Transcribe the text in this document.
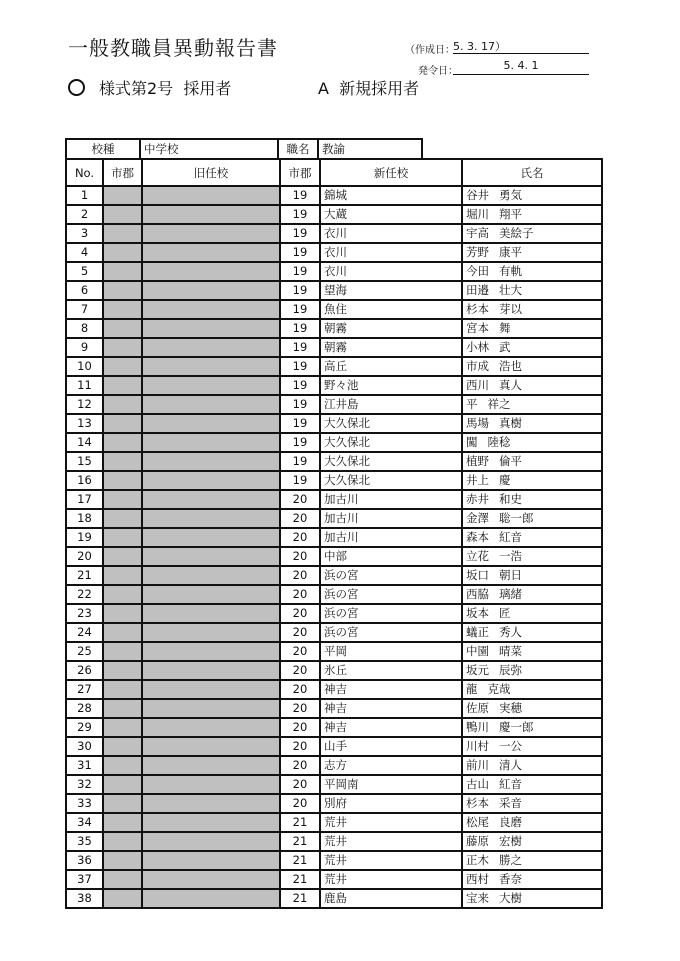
一般教職員異動報告書	（作成日：
5. 3. 17）
発令日：	5. 4. 1
様式第2号 採用者	A 新規採用者
校種	中学校	職名	教諭
No.	市郡	旧任校	市郡	新任校	氏名
1			19	錦城	谷井 勇気
2			19	大蔵	堀川 翔平
3			19	衣川	宇高 美絵子
4			19	衣川	芳野 康平
5			19	衣川	今田 有軌
6			19	望海	田邉 壮大
7			19	魚住	杉本 芽以
8			19	朝霧	宮本 舞
9			19	朝霧	小林 武
10			19	高丘	市成 浩也
11			19	野々池	西川 真人
12			19	江井島	平 祥之
13			19	大久保北	馬場 真樹
14			19	大久保北	闖 陸稔
15			19	大久保北	植野 倫平
16			19	大久保北	井上 慶
17			20	加古川	赤井 和史
18			20	加古川	金澤 聡一郎
19			20	加古川	森本 紅音
20			20	中部	立花 一浩
21			20	浜の宮	坂口 朝日
22			20	浜の宮	西脇 璃緒
23			20	浜の宮	坂本 匠
24			20	浜の宮	蟻正 秀人
25			20	平岡	中園 晴菜
26			20	氷丘	坂元 辰弥
27			20	神吉	龍 克哉
28			20	神吉	佐原 実穂
29			20	神吉	鴨川 慶一郎
30			20	山手	川村 一公
31			20	志方	前川 清人
32			20	平岡南	古山 紅音
33			20	別府	杉本 采音
34			21	荒井	松尾 良磨
35			21	荒井	藤原 宏樹
36			21	荒井	正木 勝之
37			21	荒井	西村 香奈
38			21	鹿島	宝来 大樹
